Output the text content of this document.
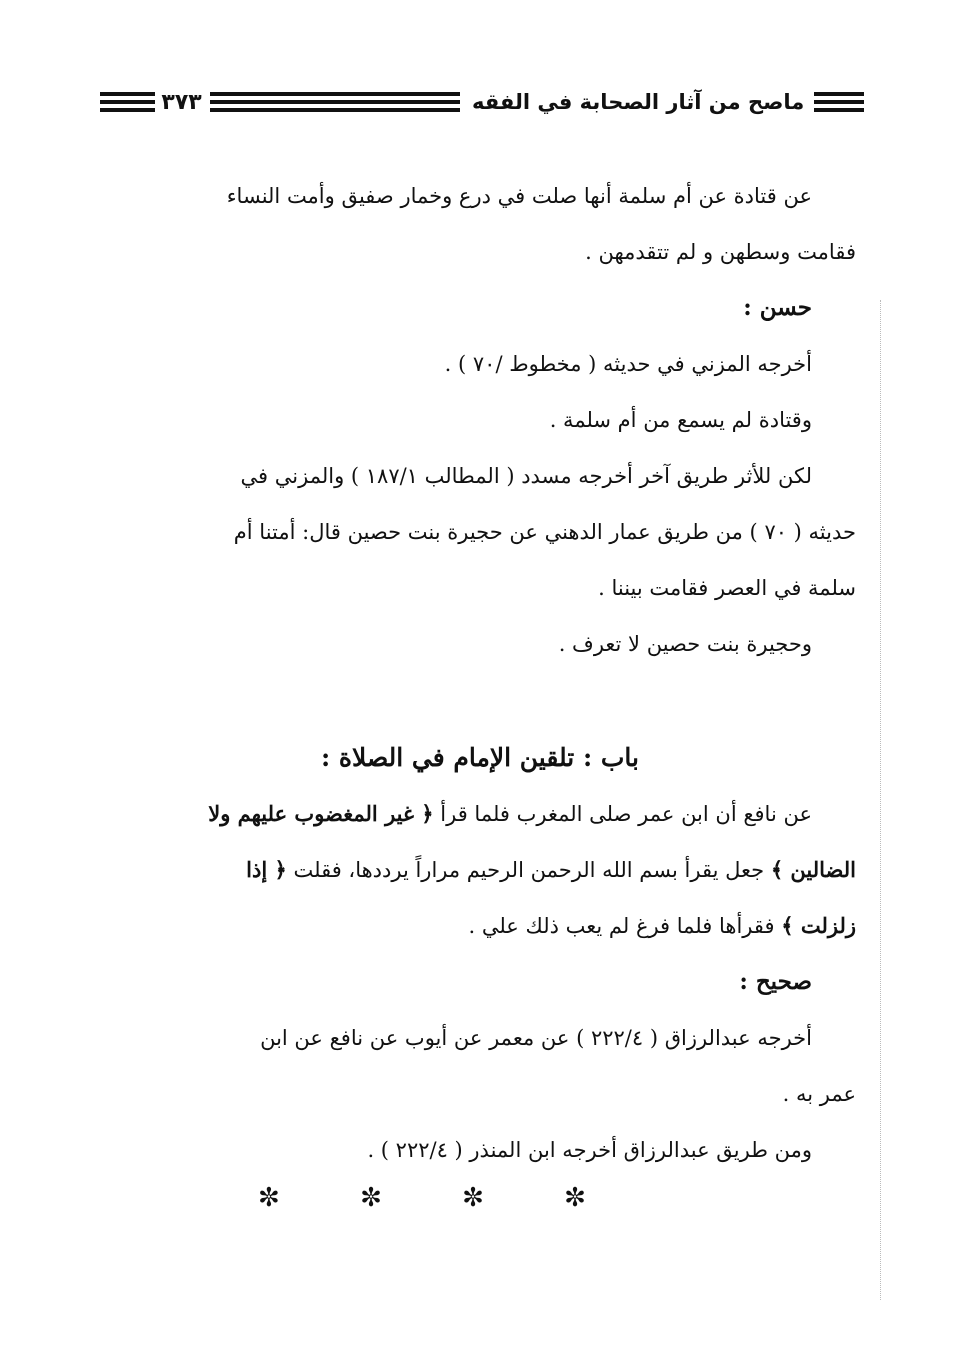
ماصح من آثار الصحابة في الفقه
٣٧٣
عن قتادة عن أم سلمة أنها صلت في درع وخمار صفيق وأمت النساء
فقامت وسطهن و لم تتقدمهن .
حسن :
أخرجه المزني في حديثه ( مخطوط /٧٠ ) .
وقتادة لم يسمع من أم سلمة .
لكن للأثر طريق آخر أخرجه مسدد ( المطالب ١٨٧/١ ) والمزني في
حديثه ( ٧٠ ) من طريق عمار الدهني عن حجيرة بنت حصين قال: أمتنا أم
سلمة في العصر فقامت بيننا .
وحجيرة بنت حصين لا تعرف .
باب : تلقين الإمام في الصلاة :
عن نافع أن ابن عمر صلى المغرب فلما قرأ ﴿ غير المغضوب عليهم ولا
الضالين ﴾ جعل يقرأ بسم الله الرحمن الرحيم مراراً يرددها، فقلت ﴿ إذا
زلزلت ﴾ فقرأها فلما فرغ لم يعب ذلك علي .
صحيح :
أخرجه عبدالرزاق ( ٢٢٢/٤ ) عن معمر عن أيوب عن نافع عن ابن
عمر به .
ومن طريق عبدالرزاق أخرجه ابن المنذر ( ٢٢٢/٤ ) .
✼ ✼ ✼ ✼
